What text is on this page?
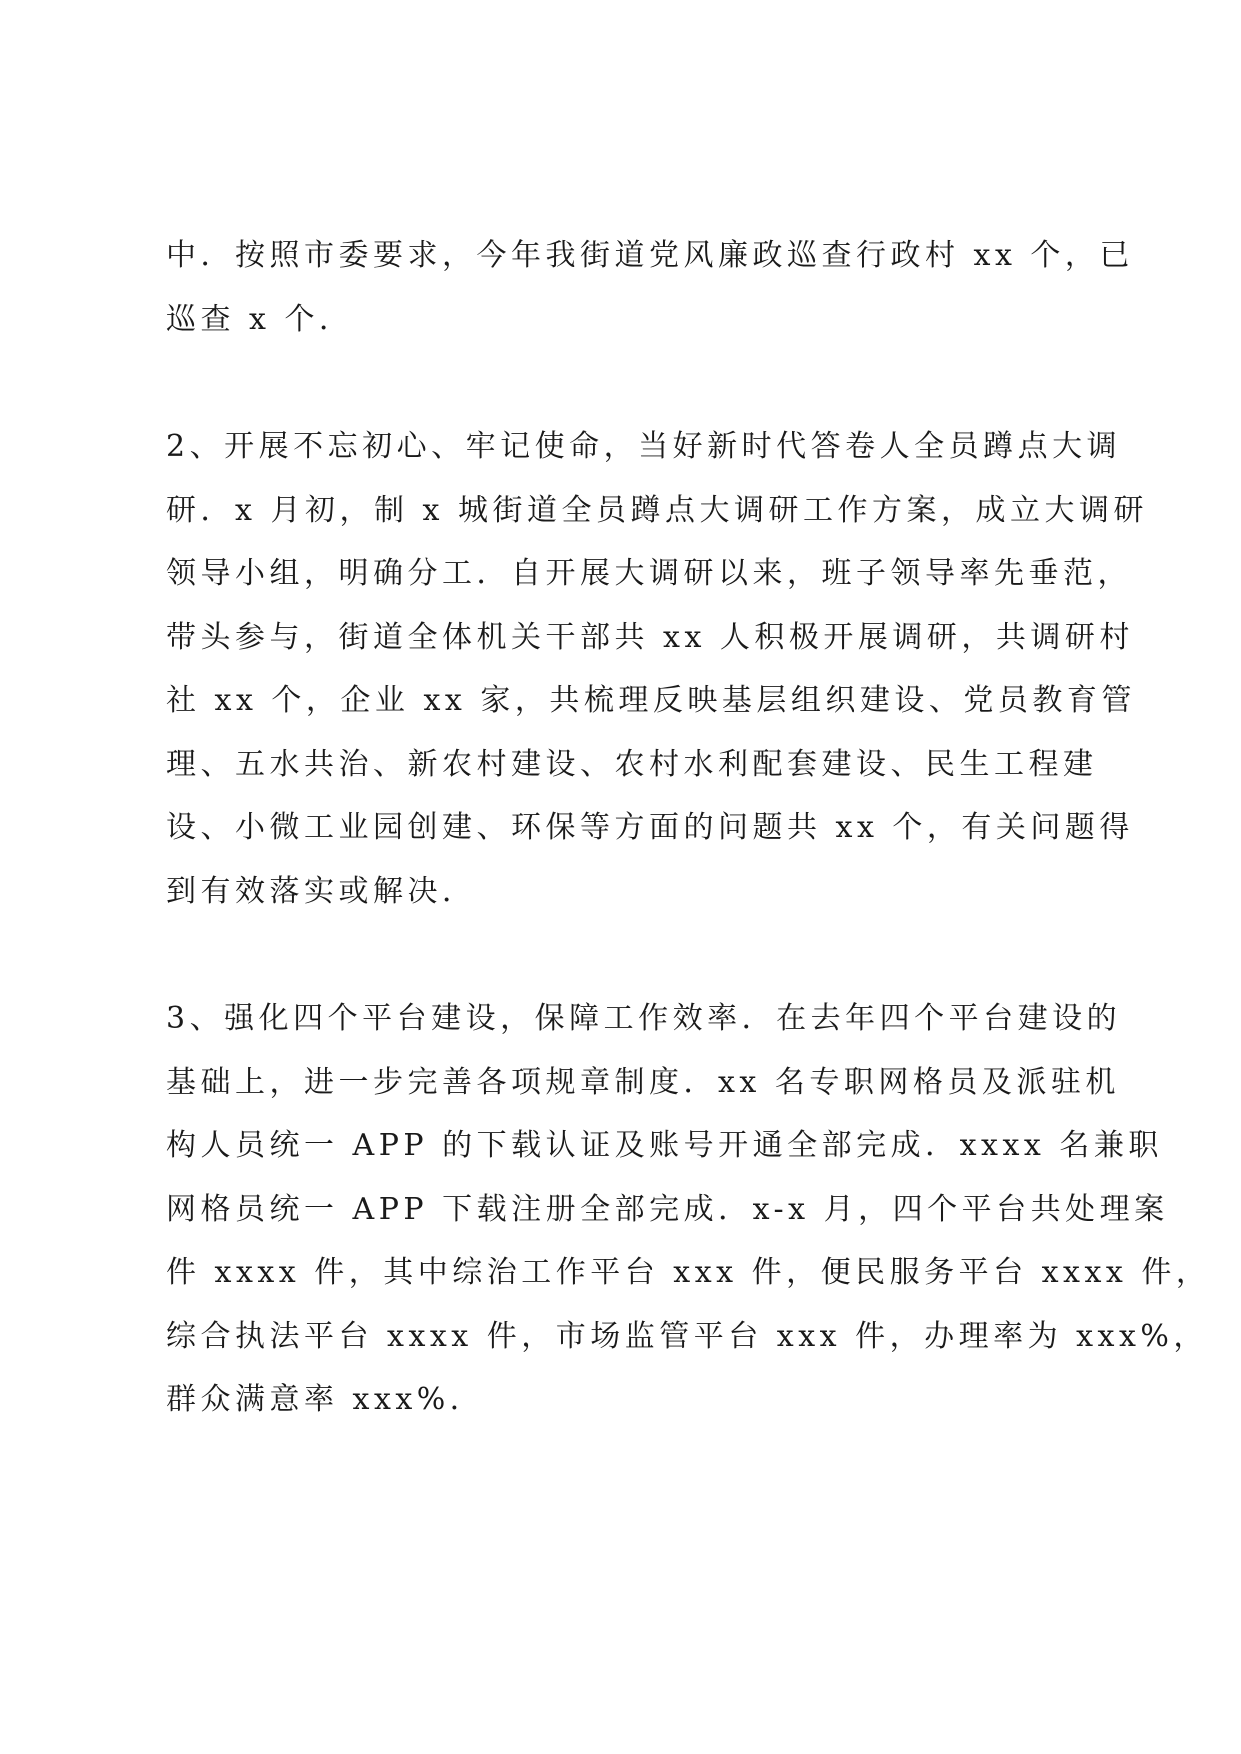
中．按照市委要求，今年我街道党风廉政巡查行政村 xx 个，已
巡查 x 个．
2、开展不忘初心、牢记使命，当好新时代答卷人全员蹲点大调
研．x 月初，制 x 城街道全员蹲点大调研工作方案，成立大调研
领导小组，明确分工．自开展大调研以来，班子领导率先垂范，
带头参与，街道全体机关干部共 xx 人积极开展调研，共调研村
社 xx 个，企业 xx 家，共梳理反映基层组织建设、党员教育管
理、五水共治、新农村建设、农村水利配套建设、民生工程建
设、小微工业园创建、环保等方面的问题共 xx 个，有关问题得
到有效落实或解决．
3、强化四个平台建设，保障工作效率．在去年四个平台建设的
基础上，进一步完善各项规章制度．xx 名专职网格员及派驻机
构人员统一 APP 的下载认证及账号开通全部完成．xxxx 名兼职
网格员统一 APP 下载注册全部完成．x-x 月，四个平台共处理案
件 xxxx 件，其中综治工作平台 xxx 件，便民服务平台 xxxx 件，
综合执法平台 xxxx 件，市场监管平台 xxx 件，办理率为 xxx%，
群众满意率 xxx%．
